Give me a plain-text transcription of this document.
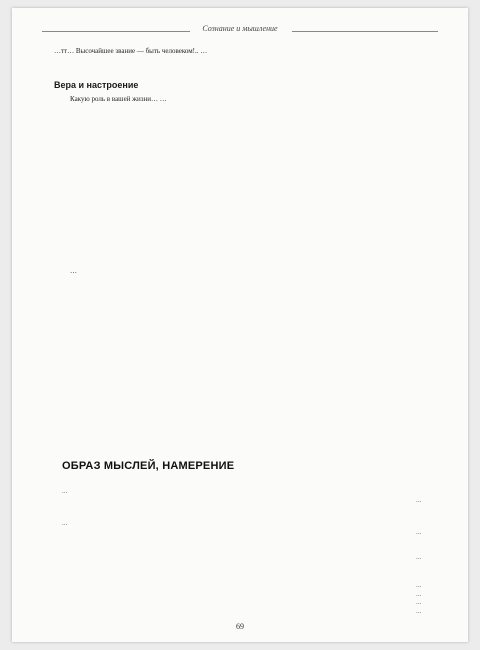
Сознание и мышление
…тт… Высочайшее звание — быть человеком!.. …
Вера и настроение
Какую роль в вашей жизни… …
…
ОБРАЗ МЫСЛЕЙ, НАМЕРЕНИЕ
…
…
…
…
…
…
…
…
…
69
